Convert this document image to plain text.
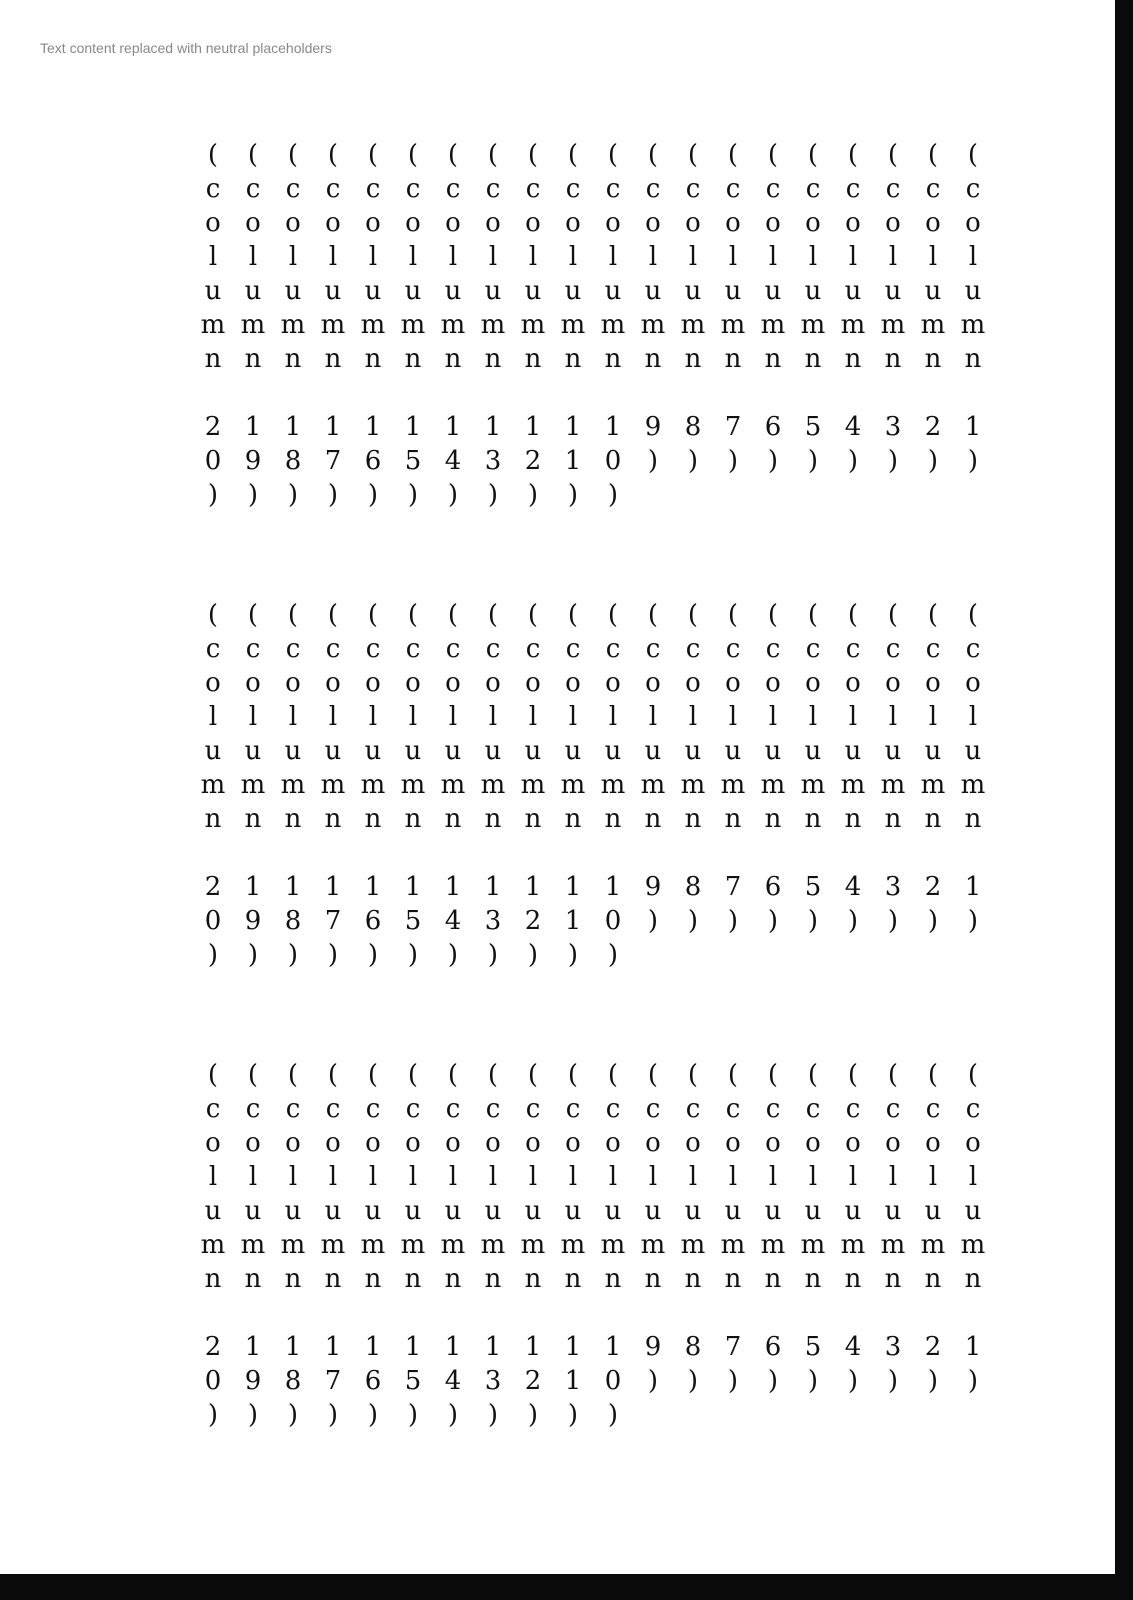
Text content replaced with neutral placeholders
(column 1)
(column 2)
(column 3)
(column 4)
(column 5)
(column 6)
(column 7)
(column 8)
(column 9)
(column 10)
(column 11)
(column 12)
(column 13)
(column 14)
(column 15)
(column 16)
(column 17)
(column 18)
(column 19)
(column 20)
(column 1)
(column 2)
(column 3)
(column 4)
(column 5)
(column 6)
(column 7)
(column 8)
(column 9)
(column 10)
(column 11)
(column 12)
(column 13)
(column 14)
(column 15)
(column 16)
(column 17)
(column 18)
(column 19)
(column 20)
(column 1)
(column 2)
(column 3)
(column 4)
(column 5)
(column 6)
(column 7)
(column 8)
(column 9)
(column 10)
(column 11)
(column 12)
(column 13)
(column 14)
(column 15)
(column 16)
(column 17)
(column 18)
(column 19)
(column 20)
